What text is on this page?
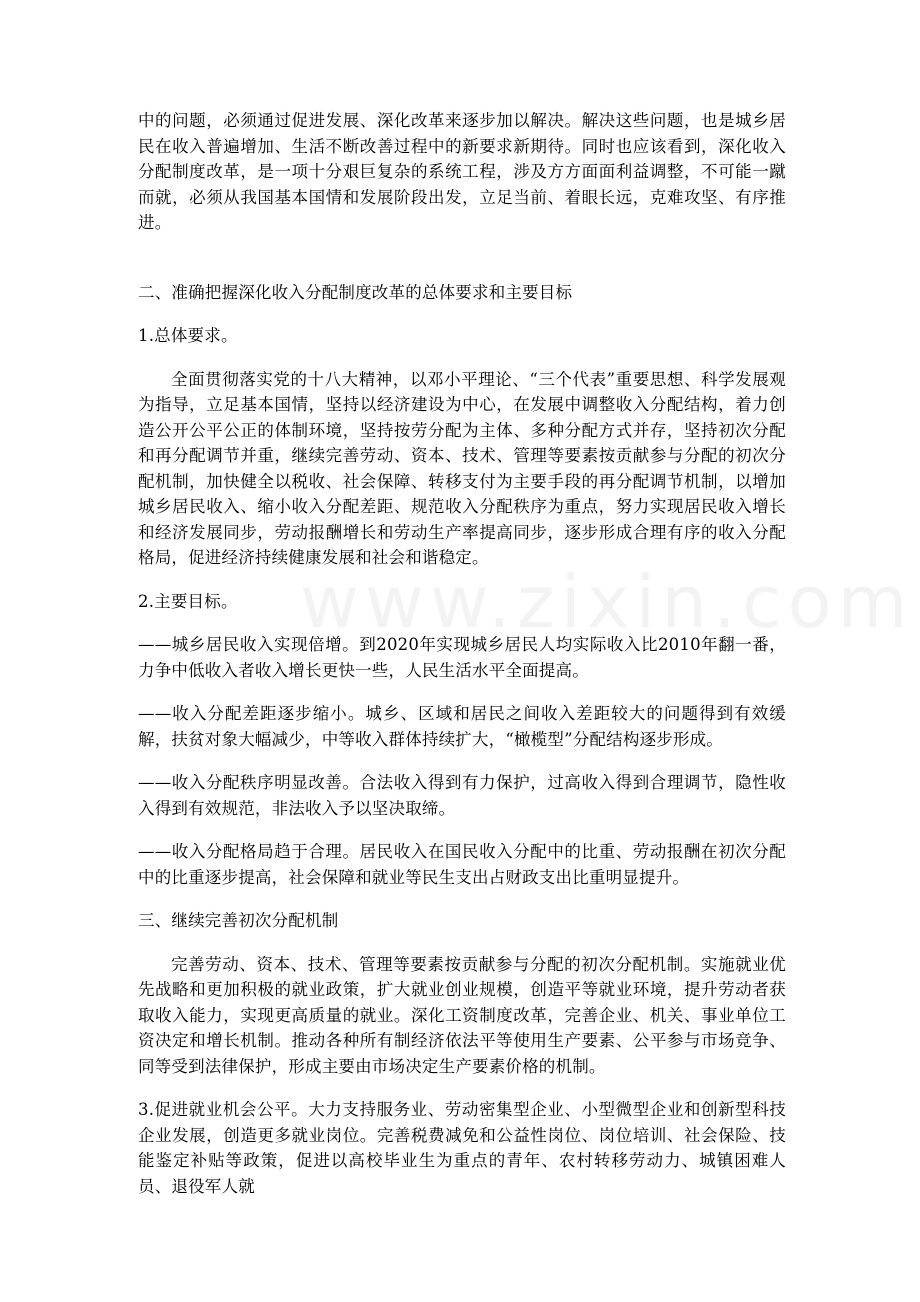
中的问题，必须通过促进发展、深化改革来逐步加以解决。解决这些问题，也是城乡居民在收入普遍增加、生活不断改善过程中的新要求新期待。同时也应该看到，深化收入分配制度改革，是一项十分艰巨复杂的系统工程，涉及方方面面利益调整，不可能一蹴而就，必须从我国基本国情和发展阶段出发，立足当前、着眼长远，克难攻坚、有序推进。

二、准确把握深化收入分配制度改革的总体要求和主要目标

1.总体要求。

全面贯彻落实党的十八大精神，以邓小平理论、“三个代表”重要思想、科学发展观为指导，立足基本国情，坚持以经济建设为中心，在发展中调整收入分配结构，着力创造公开公平公正的体制环境，坚持按劳分配为主体、多种分配方式并存，坚持初次分配和再分配调节并重，继续完善劳动、资本、技术、管理等要素按贡献参与分配的初次分配机制，加快健全以税收、社会保障、转移支付为主要手段的再分配调节机制，以增加城乡居民收入、缩小收入分配差距、规范收入分配秩序为重点，努力实现居民收入增长和经济发展同步，劳动报酬增长和劳动生产率提高同步，逐步形成合理有序的收入分配格局，促进经济持续健康发展和社会和谐稳定。

2.主要目标。

——城乡居民收入实现倍增。到2020年实现城乡居民人均实际收入比2010年翻一番，力争中低收入者收入增长更快一些，人民生活水平全面提高。

——收入分配差距逐步缩小。城乡、区域和居民之间收入差距较大的问题得到有效缓解，扶贫对象大幅减少，中等收入群体持续扩大，“橄榄型”分配结构逐步形成。

——收入分配秩序明显改善。合法收入得到有力保护，过高收入得到合理调节，隐性收入得到有效规范，非法收入予以坚决取缔。

——收入分配格局趋于合理。居民收入在国民收入分配中的比重、劳动报酬在初次分配中的比重逐步提高，社会保障和就业等民生支出占财政支出比重明显提升。

三、继续完善初次分配机制

完善劳动、资本、技术、管理等要素按贡献参与分配的初次分配机制。实施就业优先战略和更加积极的就业政策，扩大就业创业规模，创造平等就业环境，提升劳动者获取收入能力，实现更高质量的就业。深化工资制度改革，完善企业、机关、事业单位工资决定和增长机制。推动各种所有制经济依法平等使用生产要素、公平参与市场竞争、同等受到法律保护，形成主要由市场决定生产要素价格的机制。

3.促进就业机会公平。大力支持服务业、劳动密集型企业、小型微型企业和创新型科技企业发展，创造更多就业岗位。完善税费减免和公益性岗位、岗位培训、社会保险、技能鉴定补贴等政策，促进以高校毕业生为重点的青年、农村转移劳动力、城镇困难人员、退役军人就
